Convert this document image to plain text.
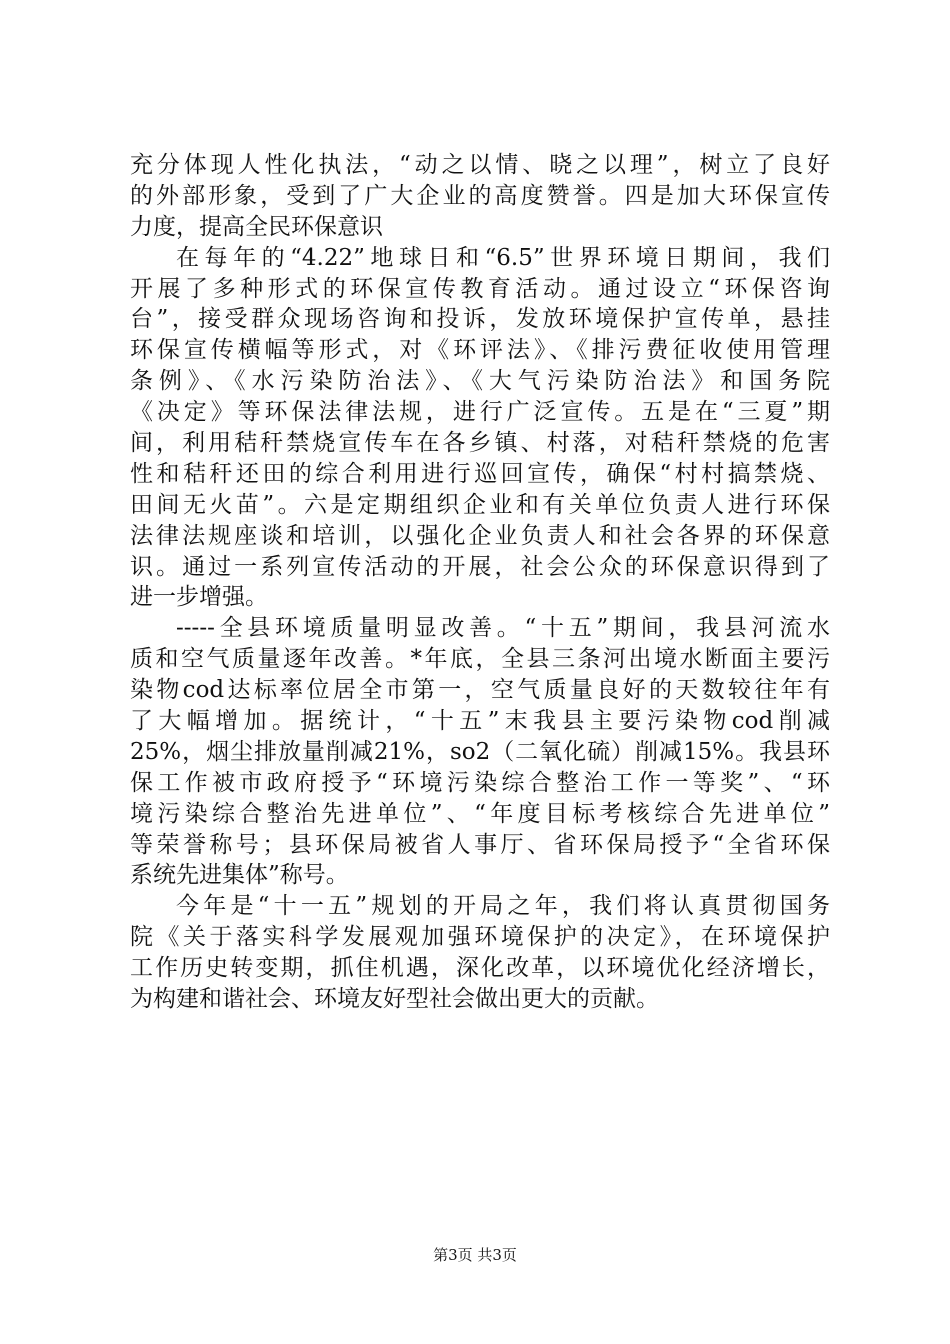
充分体现人性化执法，“动之以情、晓之以理”，树立了良好
的外部形象，受到了广大企业的高度赞誉。四是加大环保宣传
力度，提高全民环保意识
在每年的“4.22”地球日和“6.5”世界环境日期间，我们
开展了多种形式的环保宣传教育活动。通过设立“环保咨询
台”，接受群众现场咨询和投诉，发放环境保护宣传单，悬挂
环保宣传横幅等形式，对《环评法》、《排污费征收使用管理
条例》、《水污染防治法》、《大气污染防治法》和国务院
《决定》等环保法律法规，进行广泛宣传。五是在“三夏”期
间，利用秸秆禁烧宣传车在各乡镇、村落，对秸秆禁烧的危害
性和秸秆还田的综合利用进行巡回宣传，确保“村村搞禁烧、
田间无火苗”。六是定期组织企业和有关单位负责人进行环保
法律法规座谈和培训，以强化企业负责人和社会各界的环保意
识。通过一系列宣传活动的开展，社会公众的环保意识得到了
进一步增强。
-----全县环境质量明显改善。“十五”期间，我县河流水
质和空气质量逐年改善。*年底，全县三条河出境水断面主要污
染物cod达标率位居全市第一，空气质量良好的天数较往年有
了大幅增加。据统计，“十五”末我县主要污染物cod削减
25%，烟尘排放量削减21%，so2（二氧化硫）削减15%。我县环
保工作被市政府授予“环境污染综合整治工作一等奖”、“环
境污染综合整治先进单位”、“年度目标考核综合先进单位”
等荣誉称号；县环保局被省人事厅、省环保局授予“全省环保
系统先进集体”称号。
今年是“十一五”规划的开局之年，我们将认真贯彻国务
院《关于落实科学发展观加强环境保护的决定》，在环境保护
工作历史转变期，抓住机遇，深化改革，以环境优化经济增长，
为构建和谐社会、环境友好型社会做出更大的贡献。
第3页 共3页
